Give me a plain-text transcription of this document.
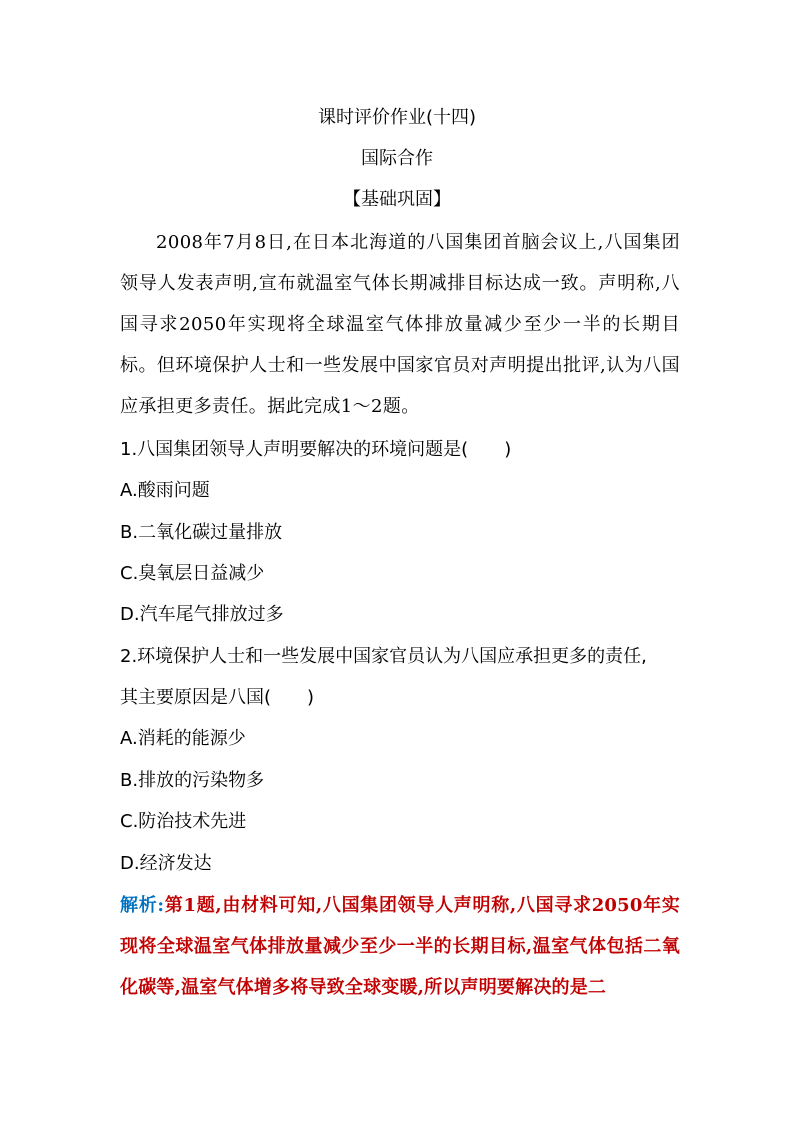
课时评价作业(十四)
国际合作
【基础巩固】
2008年7月8日,在日本北海道的八国集团首脑会议上,八国集团领导人发表声明,宣布就温室气体长期减排目标达成一致。声明称,八国寻求2050年实现将全球温室气体排放量减少至少一半的长期目标。但环境保护人士和一些发展中国家官员对声明提出批评,认为八国应承担更多责任。据此完成1～2题。
1.八国集团领导人声明要解决的环境问题是(　　)
A.酸雨问题
B.二氧化碳过量排放
C.臭氧层日益减少
D.汽车尾气排放过多
2.环境保护人士和一些发展中国家官员认为八国应承担更多的责任,
其主要原因是八国(　　)
A.消耗的能源少
B.排放的污染物多
C.防治技术先进
D.经济发达
解析:第1题,由材料可知,八国集团领导人声明称,八国寻求2050年实现将全球温室气体排放量减少至少一半的长期目标,温室气体包括二氧化碳等,温室气体增多将导致全球变暖,所以声明要解决的是二
